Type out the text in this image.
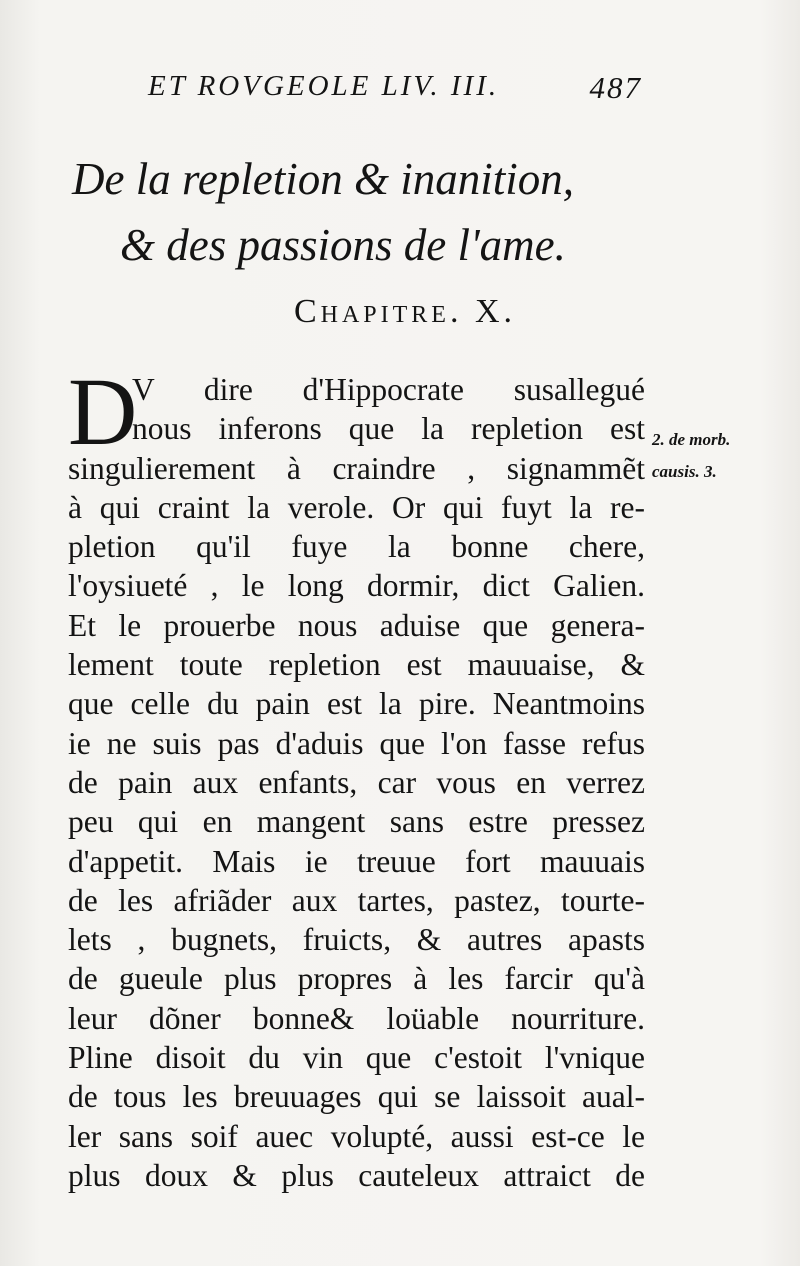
ET ROVGEOLE LIV. III.	487
De la repletion & inanition,
& des passions de l'ame.
Chapitre. X.
D
V dire d'Hippocrate susallegué
nous inferons que la repletion est
singulierement à craindre , signammẽt
à qui craint la verole. Or qui fuyt la re-
pletion qu'il fuye la bonne chere,
l'oysiueté , le long dormir, dict Galien.
Et le prouerbe nous aduise que genera-
lement toute repletion est mauuaise, &
que celle du pain est la pire. Neantmoins
ie ne suis pas d'aduis que l'on fasse refus
de pain aux enfants, car vous en verrez
peu qui en mangent sans estre pressez
d'appetit. Mais ie treuue fort mauuais
de les afriãder aux tartes, pastez, tourte-
lets , bugnets, fruicts, & autres apasts
de gueule plus propres à les farcir qu'à
leur dõner bonne& loüable nourriture.
Pline disoit du vin que c'estoit l'vnique
de tous les breuuages qui se laissoit aual-
ler sans soif auec volupté, aussi est-ce le
plus doux & plus cauteleux attraict de
2. de morb.
causis. 3.
